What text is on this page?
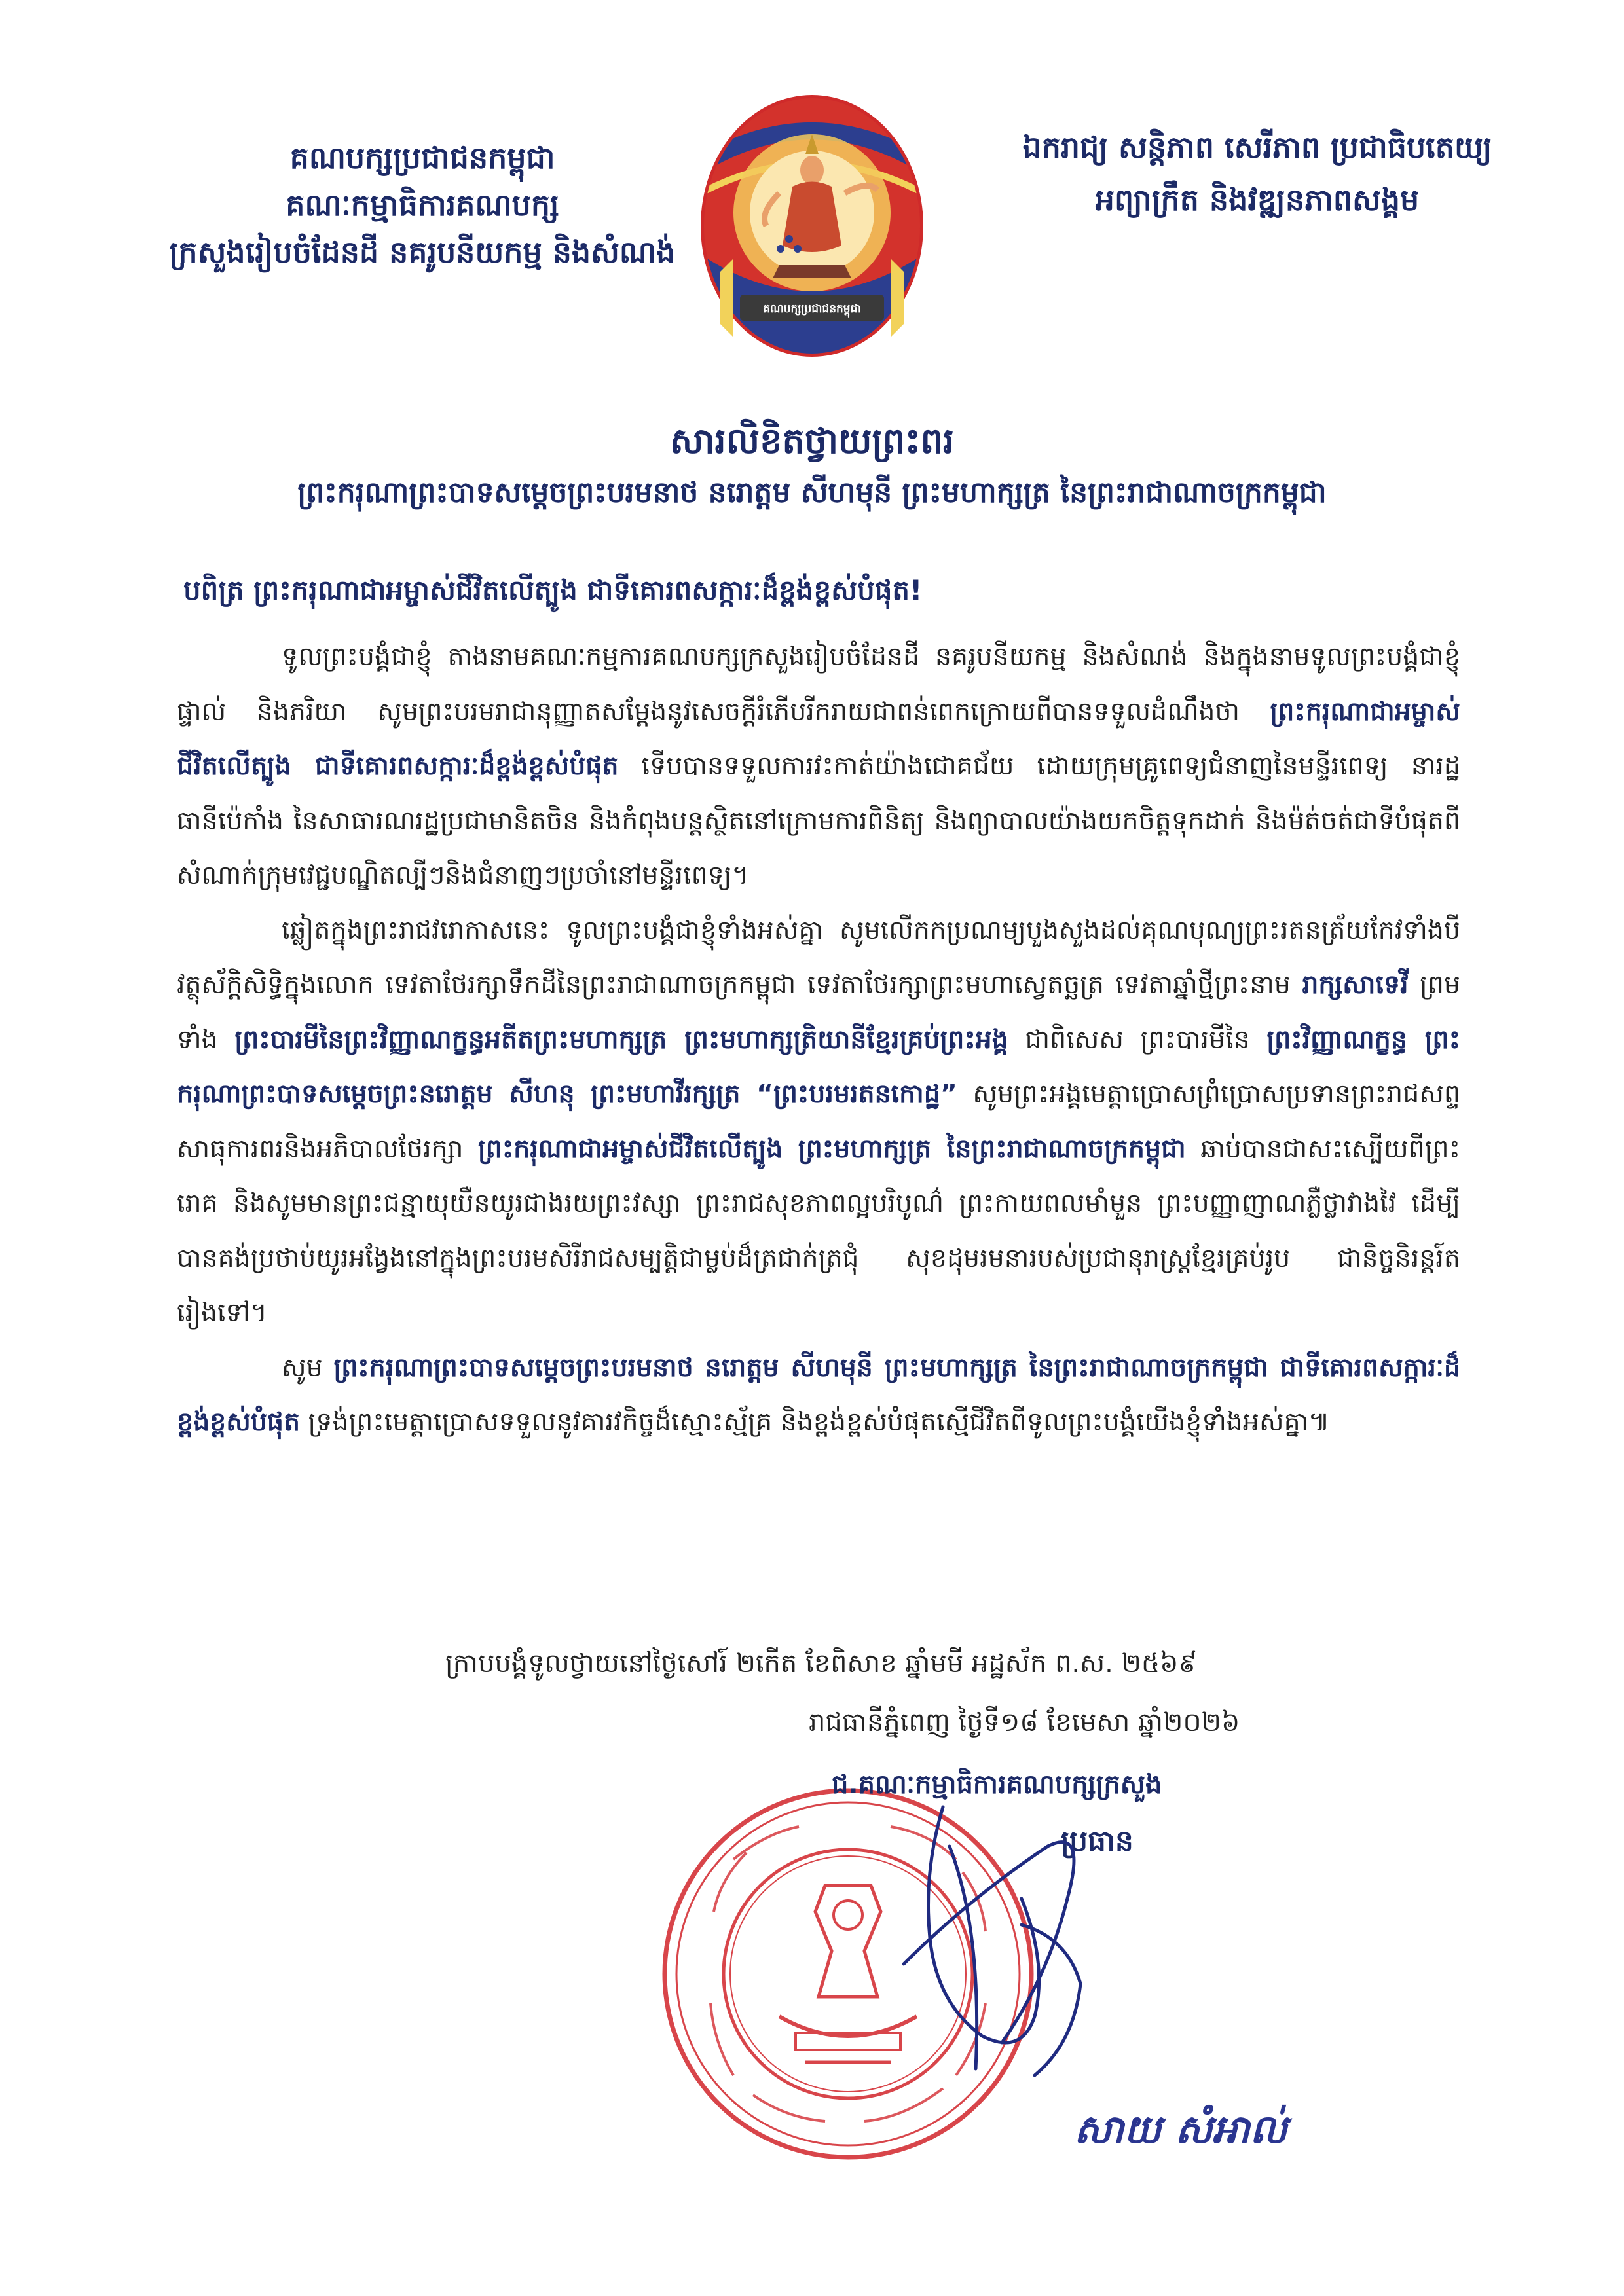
គណបក្សប្រជាជនកម្ពុជា
គណៈកម្មាធិការគណបក្ស
ក្រសួងរៀបចំដែនដី នគរូបនីយកម្ម និងសំណង់
គណបក្សប្រជាជនកម្ពុជា
ឯករាជ្យ សន្តិភាព សេរីភាព ប្រជាធិបតេយ្យ
អព្យាក្រឹត និងវឌ្ឍនភាពសង្គម
សារលិខិតថ្វាយព្រះពរ
ព្រះករុណាព្រះបាទសម្តេចព្រះបរមនាថ នរោត្តម សីហមុនី ព្រះមហាក្សត្រ នៃព្រះរាជាណាចក្រកម្ពុជា
បពិត្រ ព្រះករុណាជាអម្ចាស់ជីវិតលើត្បូង ជាទីគោរពសក្ការៈដ៏ខ្ពង់ខ្ពស់បំផុត!

ទូលព្រះបង្គំជាខ្ញុំ តាងនាមគណៈកម្មការគណបក្សក្រសួងរៀបចំដែនដី នគរូបនីយកម្ម និងសំណង់ និងក្នុងនាមទូលព្រះបង្គំជាខ្ញុំផ្ទាល់ និងភរិយា សូមព្រះបរមរាជានុញ្ញាតសម្តែងនូវសេចក្តីរំភើបរីករាយជាពន់ពេកក្រោយពីបានទទួលដំណឹងថា ព្រះករុណាជាអម្ចាស់ជីវិតលើត្បូង ជាទីគោរពសក្ការៈដ៏ខ្ពង់ខ្ពស់បំផុត ទើបបានទទួលការវះកាត់យ៉ាងជោគជ័យ ដោយក្រុមគ្រូពេទ្យជំនាញនៃមន្ទីរពេទ្យ នារដ្ឋធានីប៉េកាំង នៃសាធារណរដ្ឋប្រជាមានិតចិន និងកំពុងបន្តស្ថិតនៅក្រោមការពិនិត្យ និងព្យាបាលយ៉ាងយកចិត្តទុកដាក់ និងម៉ត់ចត់ជាទីបំផុតពីសំណាក់ក្រុមវេជ្ជបណ្ឌិតល្បីៗនិងជំនាញៗប្រចាំនៅមន្ទីរពេទ្យ។

ឆ្លៀតក្នុងព្រះរាជវរោកាសនេះ ទូលព្រះបង្គំជាខ្ញុំទាំងអស់គ្នា សូមលើកកប្រណម្យបួងសួងដល់គុណបុណ្យព្រះរតនត្រ័យកែវទាំងបី វត្ថុស័ក្តិសិទ្ធិក្នុងលោក ទេវតាថែរក្សាទឹកដីនៃព្រះរាជាណាចក្រកម្ពុជា ទេវតាថែរក្សាព្រះមហាស្វេតច្ឆត្រ ទេវតាឆ្នាំថ្មីព្រះនាម រាក្សសាទេវី ព្រមទាំង ព្រះបារមីនៃព្រះវិញ្ញាណក្ខន្ធអតីតព្រះមហាក្សត្រ ព្រះមហាក្សត្រិយានីខ្មែរគ្រប់ព្រះអង្គ ជាពិសេស ព្រះបារមីនៃ ព្រះវិញ្ញាណក្ខន្ធ ព្រះករុណាព្រះបាទសម្តេចព្រះនរោត្តម សីហនុ ព្រះមហាវីរក្សត្រ “ព្រះបរមរតនកោដ្ឋ” សូមព្រះអង្គមេត្តាប្រោសព្រំប្រោសប្រទានព្រះរាជសព្ទសាធុការពរនិងអភិបាលថែរក្សា ព្រះករុណាជាអម្ចាស់ជីវិតលើត្បូង ព្រះមហាក្សត្រ នៃព្រះរាជាណាចក្រកម្ពុជា ឆាប់បានជាសះស្បើយពីព្រះរោគ និងសូមមានព្រះជន្មាយុយឺនយូរជាងរយព្រះវស្សា ព្រះរាជសុខភាពល្អបរិបូណ៌ ព្រះកាយពលមាំមួន ព្រះបញ្ញាញាណភ្លឺថ្លាវាងវៃ ដើម្បីបានគង់ប្រថាប់យូរអង្វែងនៅក្នុងព្រះបរមសិរីរាជសម្បត្តិជាម្លប់ដ៏ត្រជាក់ត្រជុំ សុខដុមរមនារបស់ប្រជានុរាស្ត្រខ្មែរគ្រប់រូប ជានិច្ចនិរន្តរ៍តរៀងទៅ។

សូម ព្រះករុណាព្រះបាទសម្តេចព្រះបរមនាថ នរោត្តម សីហមុនី ព្រះមហាក្សត្រ នៃព្រះរាជាណាចក្រកម្ពុជា ជាទីគោរពសក្ការៈដ៏ខ្ពង់ខ្ពស់បំផុត ទ្រង់ព្រះមេត្តាប្រោសទទួលនូវគារវកិច្ចដ៏ស្មោះស្ម័គ្រ និងខ្ពង់ខ្ពស់បំផុតស្មើជីវិតពីទូលព្រះបង្គំយើងខ្ញុំទាំងអស់គ្នា៕

ក្រាបបង្គំទូលថ្វាយនៅថ្ងៃសៅរ៍ ២កើត ខែពិសាខ ឆ្នាំមមី អដ្ឋស័ក ព.ស. ២៥៦៩
រាជធានីភ្នំពេញ ថ្ងៃទី១៨ ខែមេសា ឆ្នាំ២០២៦
ជ.គណៈកម្មាធិការគណបក្សក្រសួង
ប្រធាន
សាយ សំអាល់
